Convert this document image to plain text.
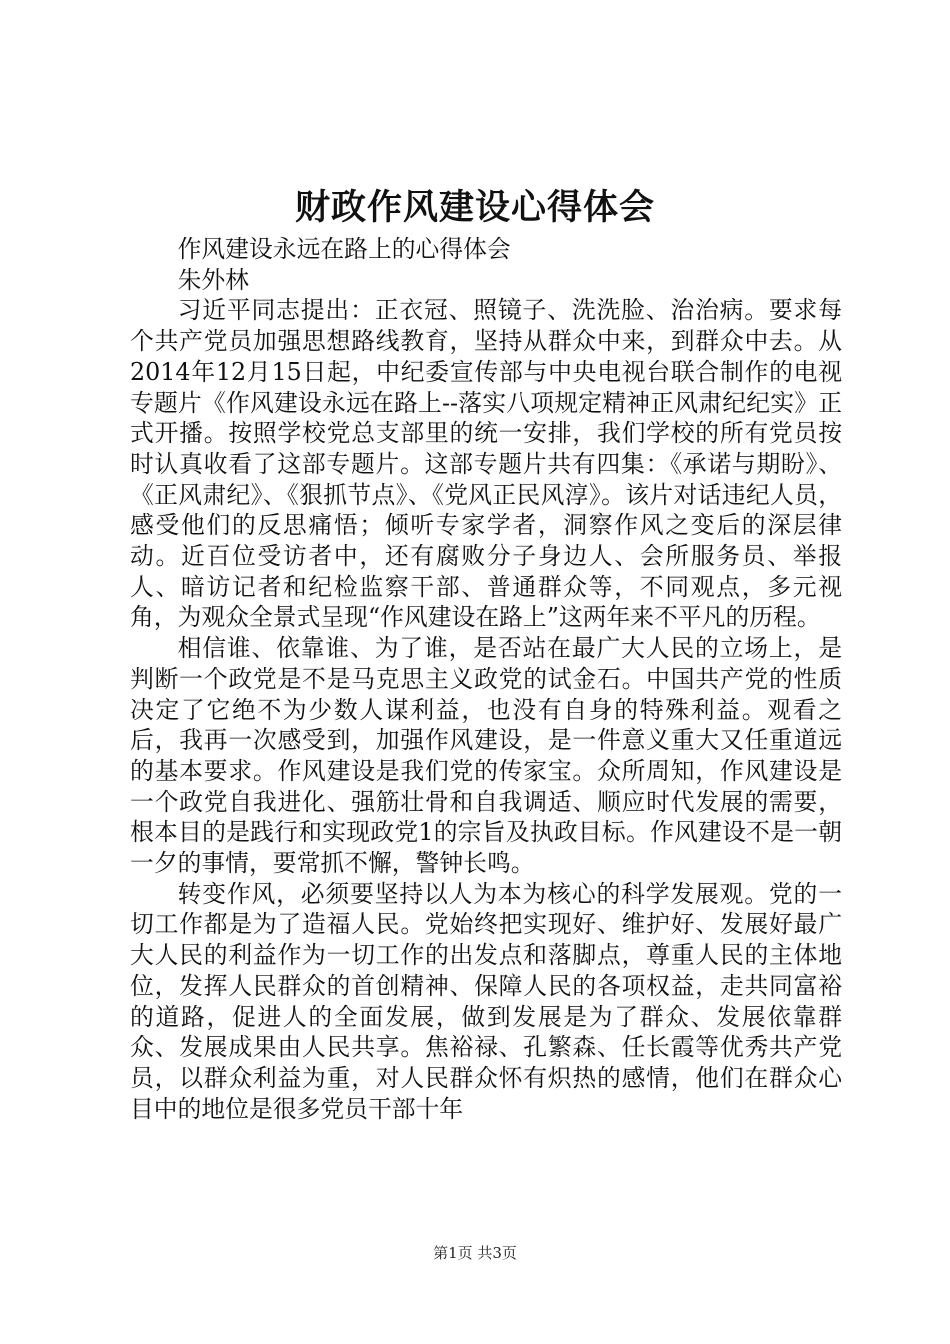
财政作风建设心得体会

作风建设永远在路上的心得体会

朱外林

习近平同志提出：正衣冠、照镜子、洗洗脸、治治病。要求每个共产党员加强思想路线教育，坚持从群众中来，到群众中去。从2014年12月15日起，中纪委宣传部与中央电视台联合制作的电视专题片《作风建设永远在路上--落实八项规定精神正风肃纪纪实》正式开播。按照学校党总支部里的统一安排，我们学校的所有党员按时认真收看了这部专题片。这部专题片共有四集：《承诺与期盼》、《正风肃纪》、《狠抓节点》、《党风正民风淳》。该片对话违纪人员，感受他们的反思痛悟；倾听专家学者，洞察作风之变后的深层律动。近百位受访者中，还有腐败分子身边人、会所服务员、举报人、暗访记者和纪检监察干部、普通群众等，不同观点，多元视角，为观众全景式呈现“作风建设在路上”这两年来不平凡的历程。

相信谁、依靠谁、为了谁，是否站在最广大人民的立场上，是判断一个政党是不是马克思主义政党的试金石。中国共产党的性质决定了它绝不为少数人谋利益，也没有自身的特殊利益。观看之后，我再一次感受到，加强作风建设，是一件意义重大又任重道远的基本要求。作风建设是我们党的传家宝。众所周知，作风建设是一个政党自我进化、强筋壮骨和自我调适、顺应时代发展的需要，根本目的是践行和实现政党1的宗旨及执政目标。作风建设不是一朝一夕的事情，要常抓不懈，警钟长鸣。

转变作风，必须要坚持以人为本为核心的科学发展观。党的一切工作都是为了造福人民。党始终把实现好、维护好、发展好最广大人民的利益作为一切工作的出发点和落脚点，尊重人民的主体地位，发挥人民群众的首创精神、保障人民的各项权益，走共同富裕的道路，促进人的全面发展，做到发展是为了群众、发展依靠群众、发展成果由人民共享。焦裕禄、孔繁森、任长霞等优秀共产党员，以群众利益为重，对人民群众怀有炽热的感情，他们在群众心目中的地位是很多党员干部十年

第1页 共3页
